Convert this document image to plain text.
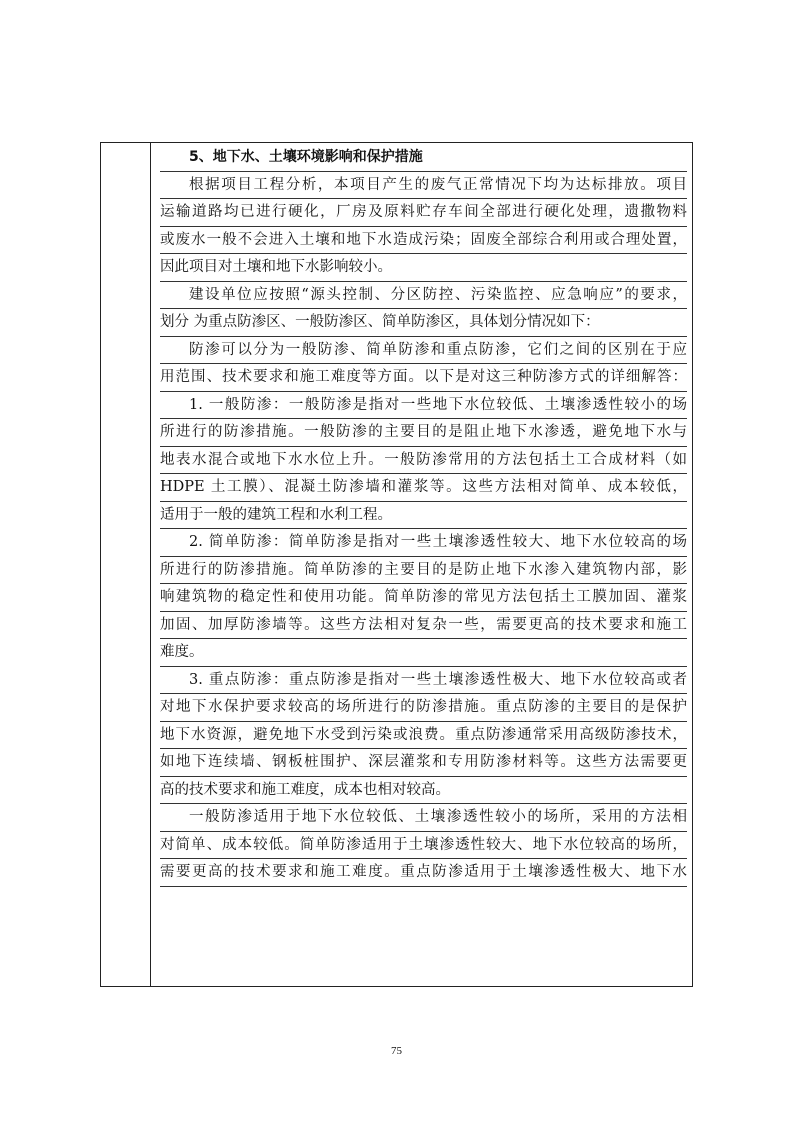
5、地下水、土壤环境影响和保护措施
根据项目工程分析，本项目产生的废气正常情况下均为达标排放。项目
运输道路均已进行硬化，厂房及原料贮存车间全部进行硬化处理，遗撒物料
或废水一般不会进入土壤和地下水造成污染；固废全部综合利用或合理处置，
因此项目对土壤和地下水影响较小。
建设单位应按照“源头控制、分区防控、污染监控、应急响应”的要求，
划分 为重点防渗区、一般防渗区、简单防渗区，具体划分情况如下：
防渗可以分为一般防渗、简单防渗和重点防渗，它们之间的区别在于应
用范围、技术要求和施工难度等方面。以下是对这三种防渗方式的详细解答：
1. 一般防渗：一般防渗是指对一些地下水位较低、土壤渗透性较小的场
所进行的防渗措施。一般防渗的主要目的是阻止地下水渗透，避免地下水与
地表水混合或地下水水位上升。一般防渗常用的方法包括土工合成材料（如
HDPE 土工膜）、混凝土防渗墙和灌浆等。这些方法相对简单、成本较低，
适用于一般的建筑工程和水利工程。
2. 简单防渗：简单防渗是指对一些土壤渗透性较大、地下水位较高的场
所进行的防渗措施。简单防渗的主要目的是防止地下水渗入建筑物内部，影
响建筑物的稳定性和使用功能。简单防渗的常见方法包括土工膜加固、灌浆
加固、加厚防渗墙等。这些方法相对复杂一些，需要更高的技术要求和施工
难度。
3. 重点防渗：重点防渗是指对一些土壤渗透性极大、地下水位较高或者
对地下水保护要求较高的场所进行的防渗措施。重点防渗的主要目的是保护
地下水资源，避免地下水受到污染或浪费。重点防渗通常采用高级防渗技术，
如地下连续墙、钢板桩围护、深层灌浆和专用防渗材料等。这些方法需要更
高的技术要求和施工难度，成本也相对较高。
一般防渗适用于地下水位较低、土壤渗透性较小的场所，采用的方法相
对简单、成本较低。简单防渗适用于土壤渗透性较大、地下水位较高的场所，
需要更高的技术要求和施工难度。重点防渗适用于土壤渗透性极大、地下水
75
